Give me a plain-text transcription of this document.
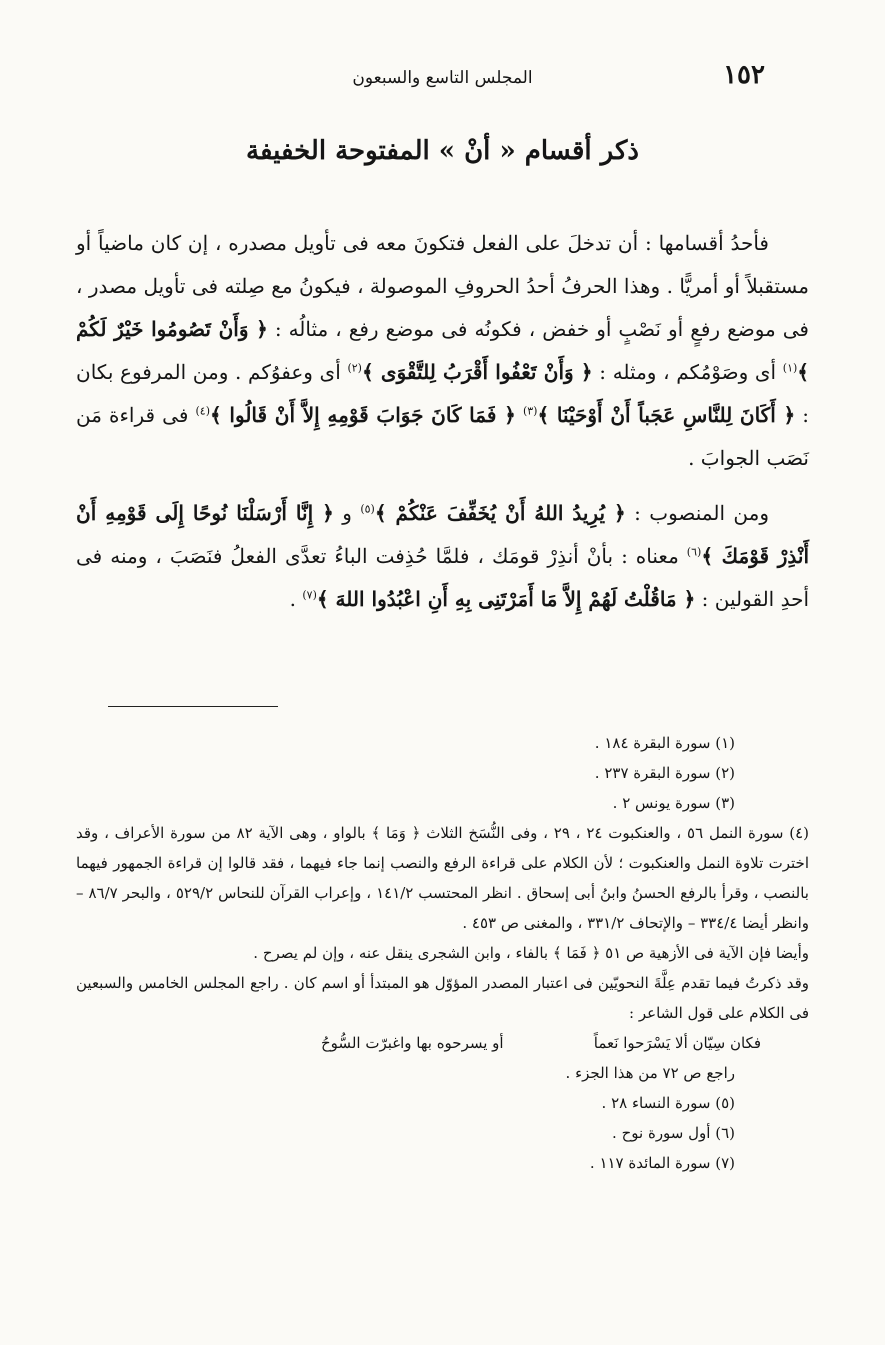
١٥٢
المجلس التاسع والسبعون
ذكر أقسام « أنْ » المفتوحة الخفيفة

فأحدُ أقسامها : أن تدخلَ على الفعل فتكونَ معه فى تأويل مصدره ، إن كان ماضياً أو مستقبلاً أو أمريًّا . وهذا الحرفُ أحدُ الحروفِ الموصولة ، فيكونُ مع صِلته فى تأويل مصدر ، فى موضع رفعٍ أو نَصْبٍ أو خفض ، فكونُه فى موضع رفع ، مثالُه : ﴿ وَأَنْ تَصُومُوا خَيْرٌ لَكُمْ ﴾$^{(١)}$ أى وصَوْمُكم ، ومثله : ﴿ وَأَنْ تَعْفُوا أَقْرَبُ لِلتَّقْوَى ﴾$^{(٢)}$ أى وعفوُكم . ومن المرفوع بكان : ﴿ أَكَانَ لِلنَّاسِ عَجَباً أَنْ أَوْحَيْنَا ﴾$^{(٣)}$ ﴿ فَمَا كَانَ جَوَابَ قَوْمِهِ إِلاَّ أَنْ قَالُوا ﴾$^{(٤)}$ فى قراءة مَن نَصَب الجوابَ .

ومن المنصوب : ﴿ يُرِيدُ اللهُ أَنْ يُخَفِّفَ عَنْكُمْ ﴾$^{(٥)}$ و ﴿ إِنَّا أَرْسَلْنَا نُوحًا إِلَى قَوْمِهِ أَنْ أَنْذِرْ قَوْمَكَ ﴾$^{(٦)}$ معناه : بأنْ أنذِرْ قومَك ، فلمَّا حُذِفت الباءُ تعدَّى الفعلُ فنَصَبَ ، ومنه فى أحدِ القولين : ﴿ مَاقُلْتُ لَهُمْ إِلاَّ مَا أَمَرْتَنِى بِهِ أَنِ اعْبُدُوا اللهَ ﴾$^{(٧)}$ .

(١) سورة البقرة ١٨٤ .

(٢) سورة البقرة ٢٣٧ .

(٣) سورة يونس ٢ .

(٤) سورة النمل ٥٦ ، والعنكبوت ٢٤ ، ٢٩ ، وفى النُّسَخ الثلاث ﴿ وَمَا ﴾ بالواو ، وهى الآية ٨٢ من سورة الأعراف ، وقد اخترت تلاوة النمل والعنكبوت ؛ لأن الكلام على قراءة الرفع والنصب إنما جاء فيهما ، فقد قالوا إن قراءة الجمهور فيهما بالنصب ، وقرأ بالرفع الحسنُ وابنُ أبى إسحاق . انظر المحتسب ١٤١/٢ ، وإعراب القرآن للنحاس ٥٢٩/٢ ، والبحر ٨٦/٧ – وانظر أيضا ٣٣٤/٤ – والإتحاف ٣٣١/٢ ، والمغنى ص ٤٥٣ .

وأيضا فإن الآية فى الأزهية ص ٥١ ﴿ فَمَا ﴾ بالفاء ، وابن الشجرى ينقل عنه ، وإن لم يصرح .

وقد ذكرتُ فيما تقدم عِلَّةَ النحويّين فى اعتبار المصدر المؤوّل هو المبتدأ أو اسم كان . راجع المجلس الخامس والسبعين فى الكلام على قول الشاعر :

فكان سِيّان ألا يَسْرَحوا نَعماً
أو يسرحوه بها واغبرّت السُّوحُ

راجع ص ٧٢ من هذا الجزء .

(٥) سورة النساء ٢٨ .

(٦) أول سورة نوح .

(٧) سورة المائدة ١١٧ .
